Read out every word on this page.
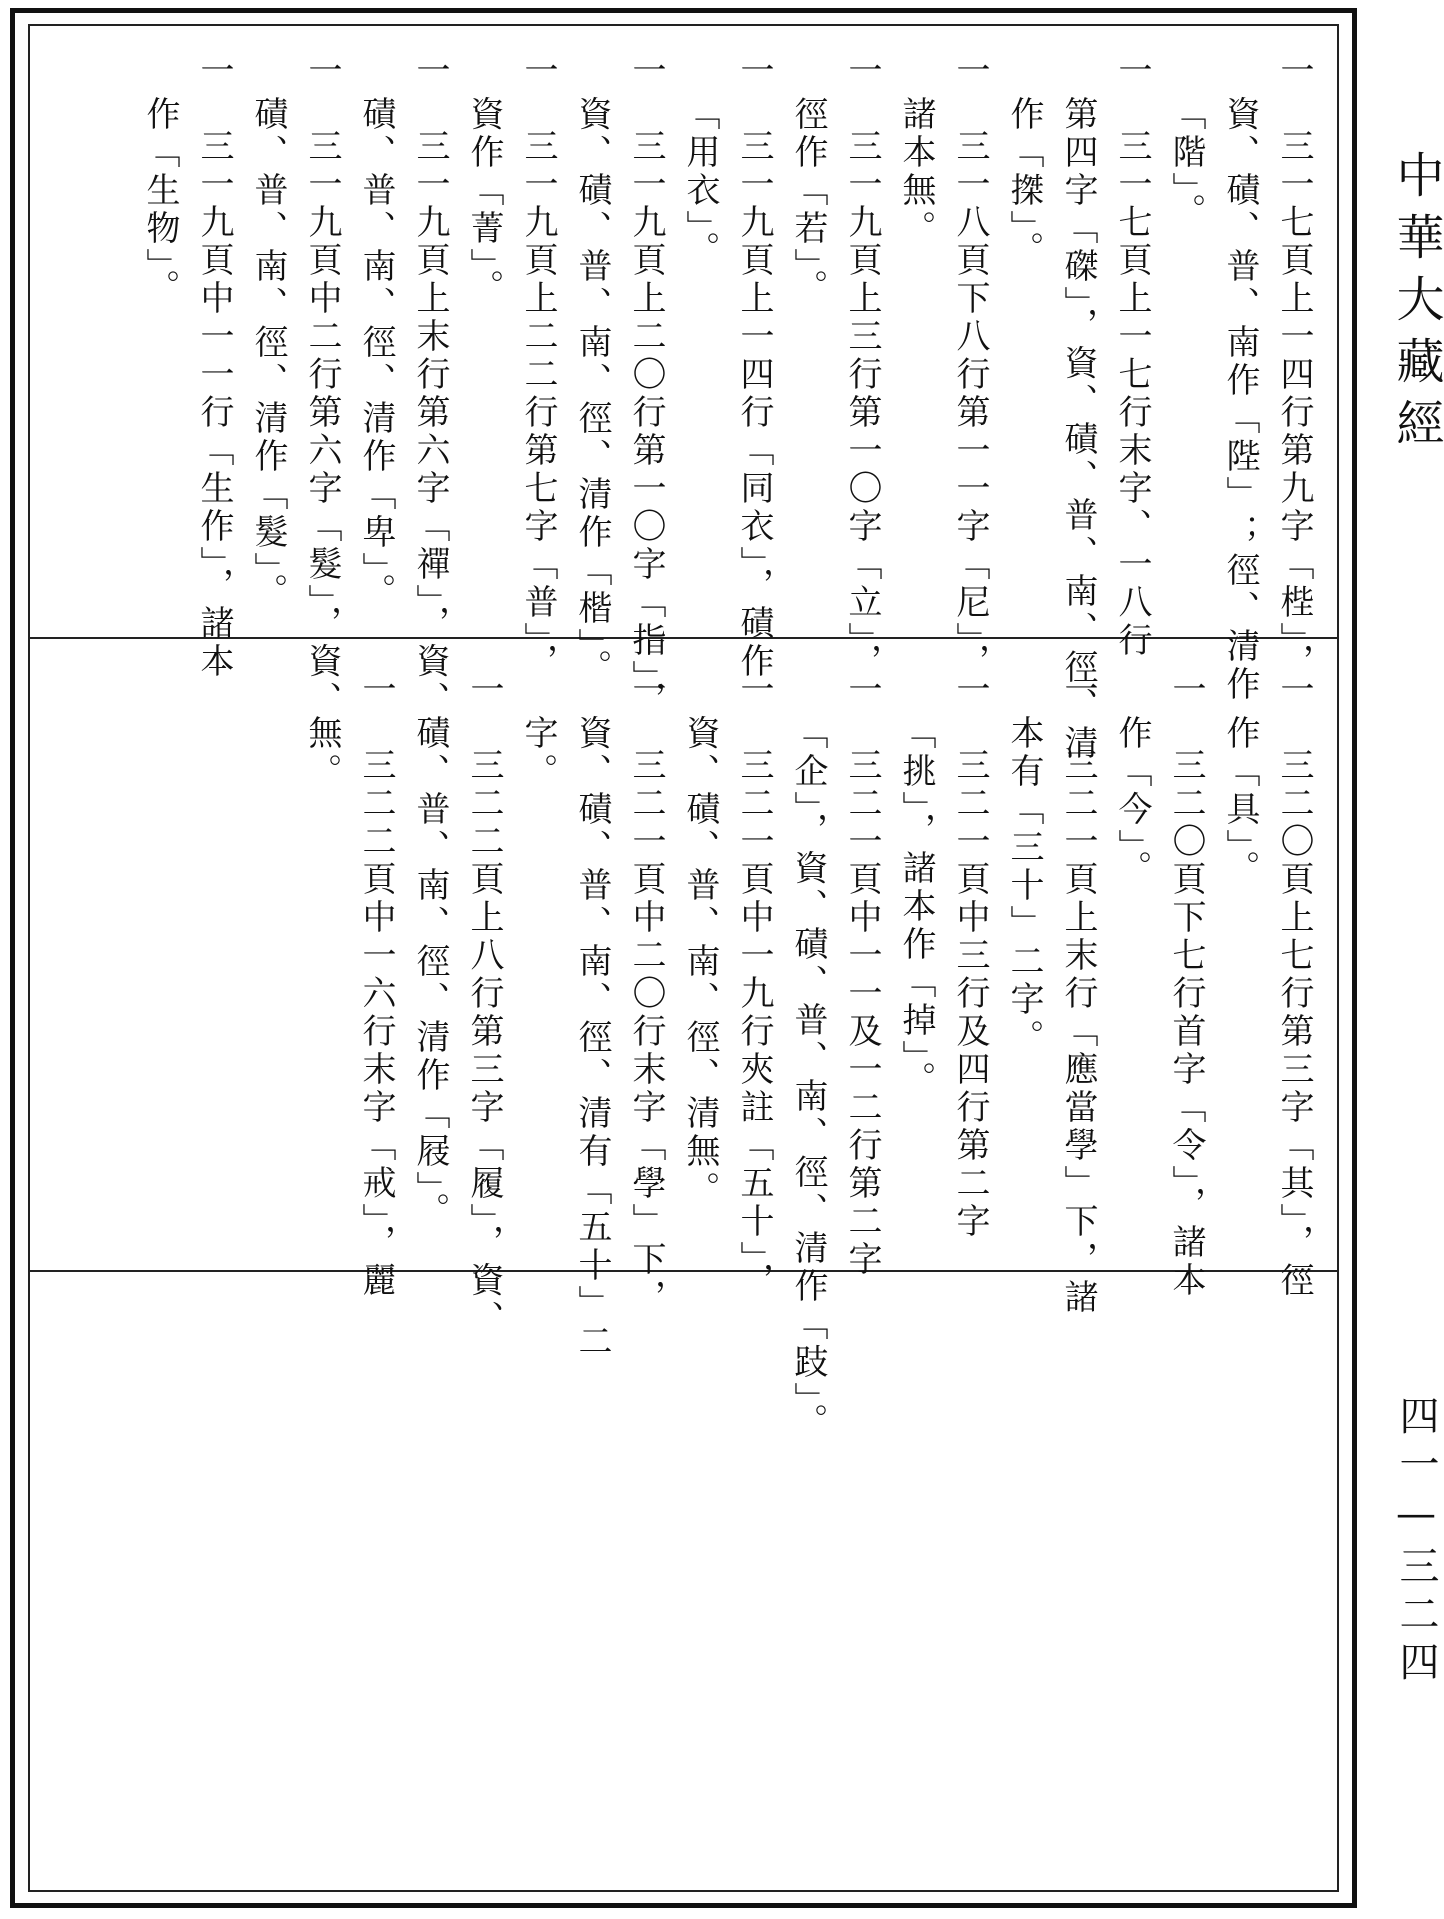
一　三一七頁上一四行第九字「梐」，
資、磧、普、南作「陛」；徑、清作
「階」。
一　三一七頁上一七行末字、一八行
第四字「磔」，資、磧、普、南、徑、清
作「搩」。
一　三一八頁下八行第一一字「尼」，
諸本無。
一　三一九頁上三行第一〇字「立」，
徑作「若」。
一　三一九頁上一四行「同衣」，磧作
「用衣」。
一　三一九頁上二〇行第一〇字「指」，
資、磧、普、南、徑、清作「楷」。
一　三一九頁上二二行第七字「普」，
資作「菁」。
一　三一九頁上末行第六字「禪」，資、
磧、普、南、徑、清作「卑」。
一　三一九頁中二行第六字「髮」，資、
磧、普、南、徑、清作「髮」。
一　三一九頁中一一行「生作」，諸本
作「生物」。
一　三二〇頁上七行第三字「其」，徑
作「具」。
一　三二〇頁下七行首字「令」，諸本
作「今」。
一　三二一頁上末行「應當學」下，諸
本有「三十」二字。
一　三二一頁中三行及四行第二字
「挑」，諸本作「掉」。
一　三二一頁中一一及一二行第二字
「企」，資、磧、普、南、徑、清作「跂」。
一　三二一頁中一九行夾註「五十」，
資、磧、普、南、徑、清無。
一　三二一頁中二〇行末字「學」下，
資、磧、普、南、徑、清有「五十」二
字。
一　三二二頁上八行第三字「履」，資、
磧、普、南、徑、清作「屐」。
一　三二二頁中一六行末字「戒」，麗
無。
中華大藏經
四一—三二四
